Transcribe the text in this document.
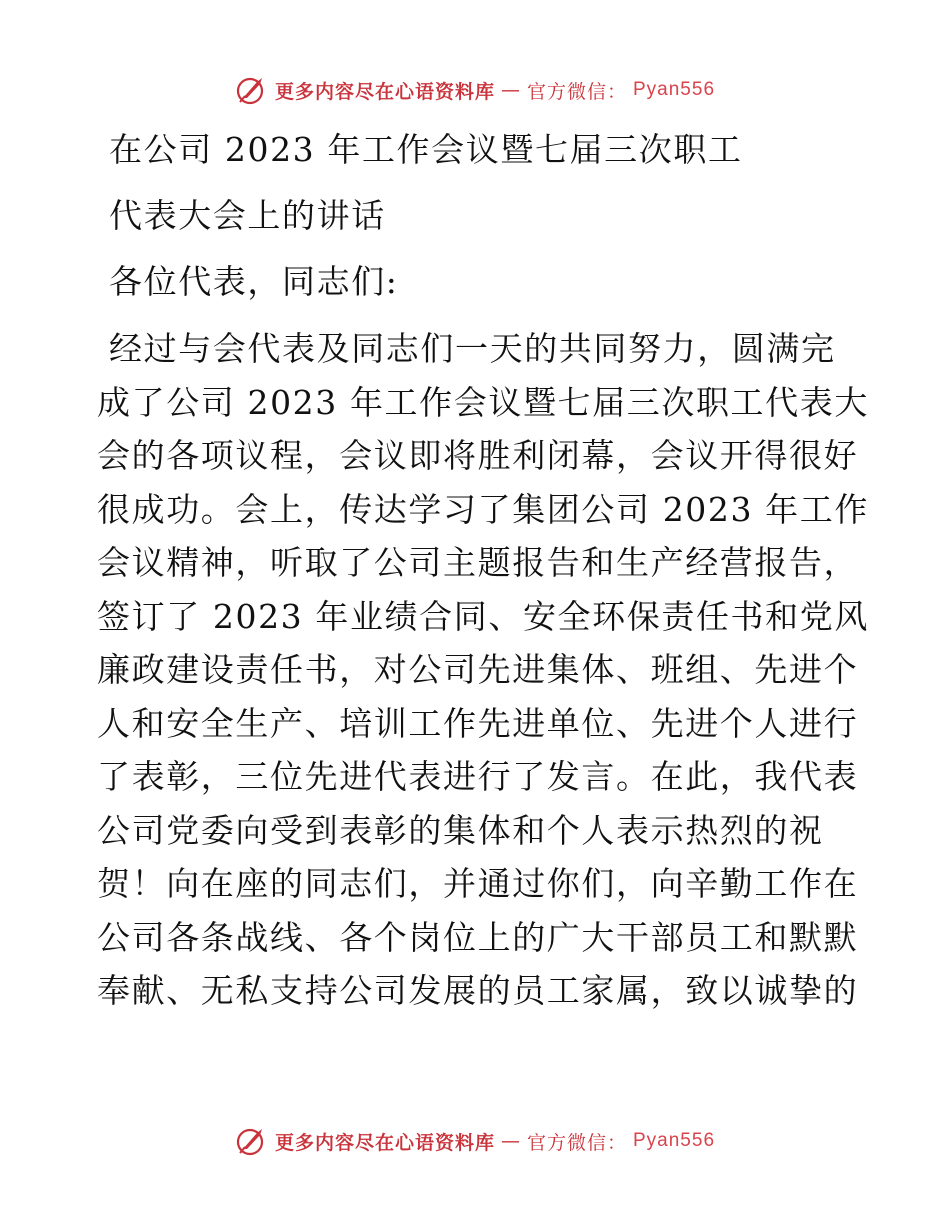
更多内容尽在心语资料库 — 官方微信： Pyan556
在公司 2023 年工作会议暨七届三次职工
代表大会上的讲话
各位代表，同志们:
经过与会代表及同志们一天的共同努力，圆满完
成了公司 2023 年工作会议暨七届三次职工代表大
会的各项议程，会议即将胜利闭幕，会议开得很好
很成功。会上，传达学习了集团公司 2023 年工作
会议精神，听取了公司主题报告和生产经营报告，
签订了 2023 年业绩合同、安全环保责任书和党风
廉政建设责任书，对公司先进集体、班组、先进个
人和安全生产、培训工作先进单位、先进个人进行
了表彰，三位先进代表进行了发言。在此，我代表
公司党委向受到表彰的集体和个人表示热烈的祝
贺！向在座的同志们，并通过你们，向辛勤工作在
公司各条战线、各个岗位上的广大干部员工和默默
奉献、无私支持公司发展的员工家属，致以诚挚的
更多内容尽在心语资料库 — 官方微信： Pyan556
